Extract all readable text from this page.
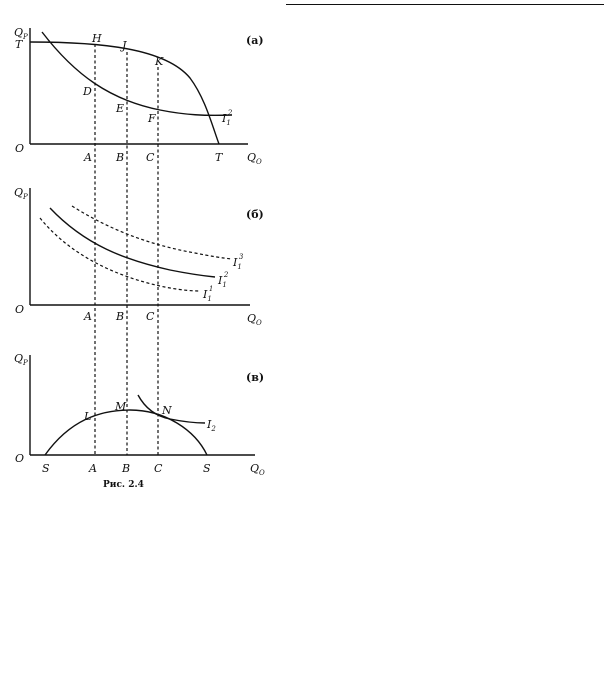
$Q_P$	(a)
T
O
$Q_O$
T
A B C
H
J
K
D
E
F	$I_12$
$Q_P$
(б)
O
$Q_O$
$I_13$
$I_12$
$I_11$
A B C
$Q_P$
(в)
O
$Q_O$
L
M	N
$I_2$
S	A B C	S
Рис. 2.4
